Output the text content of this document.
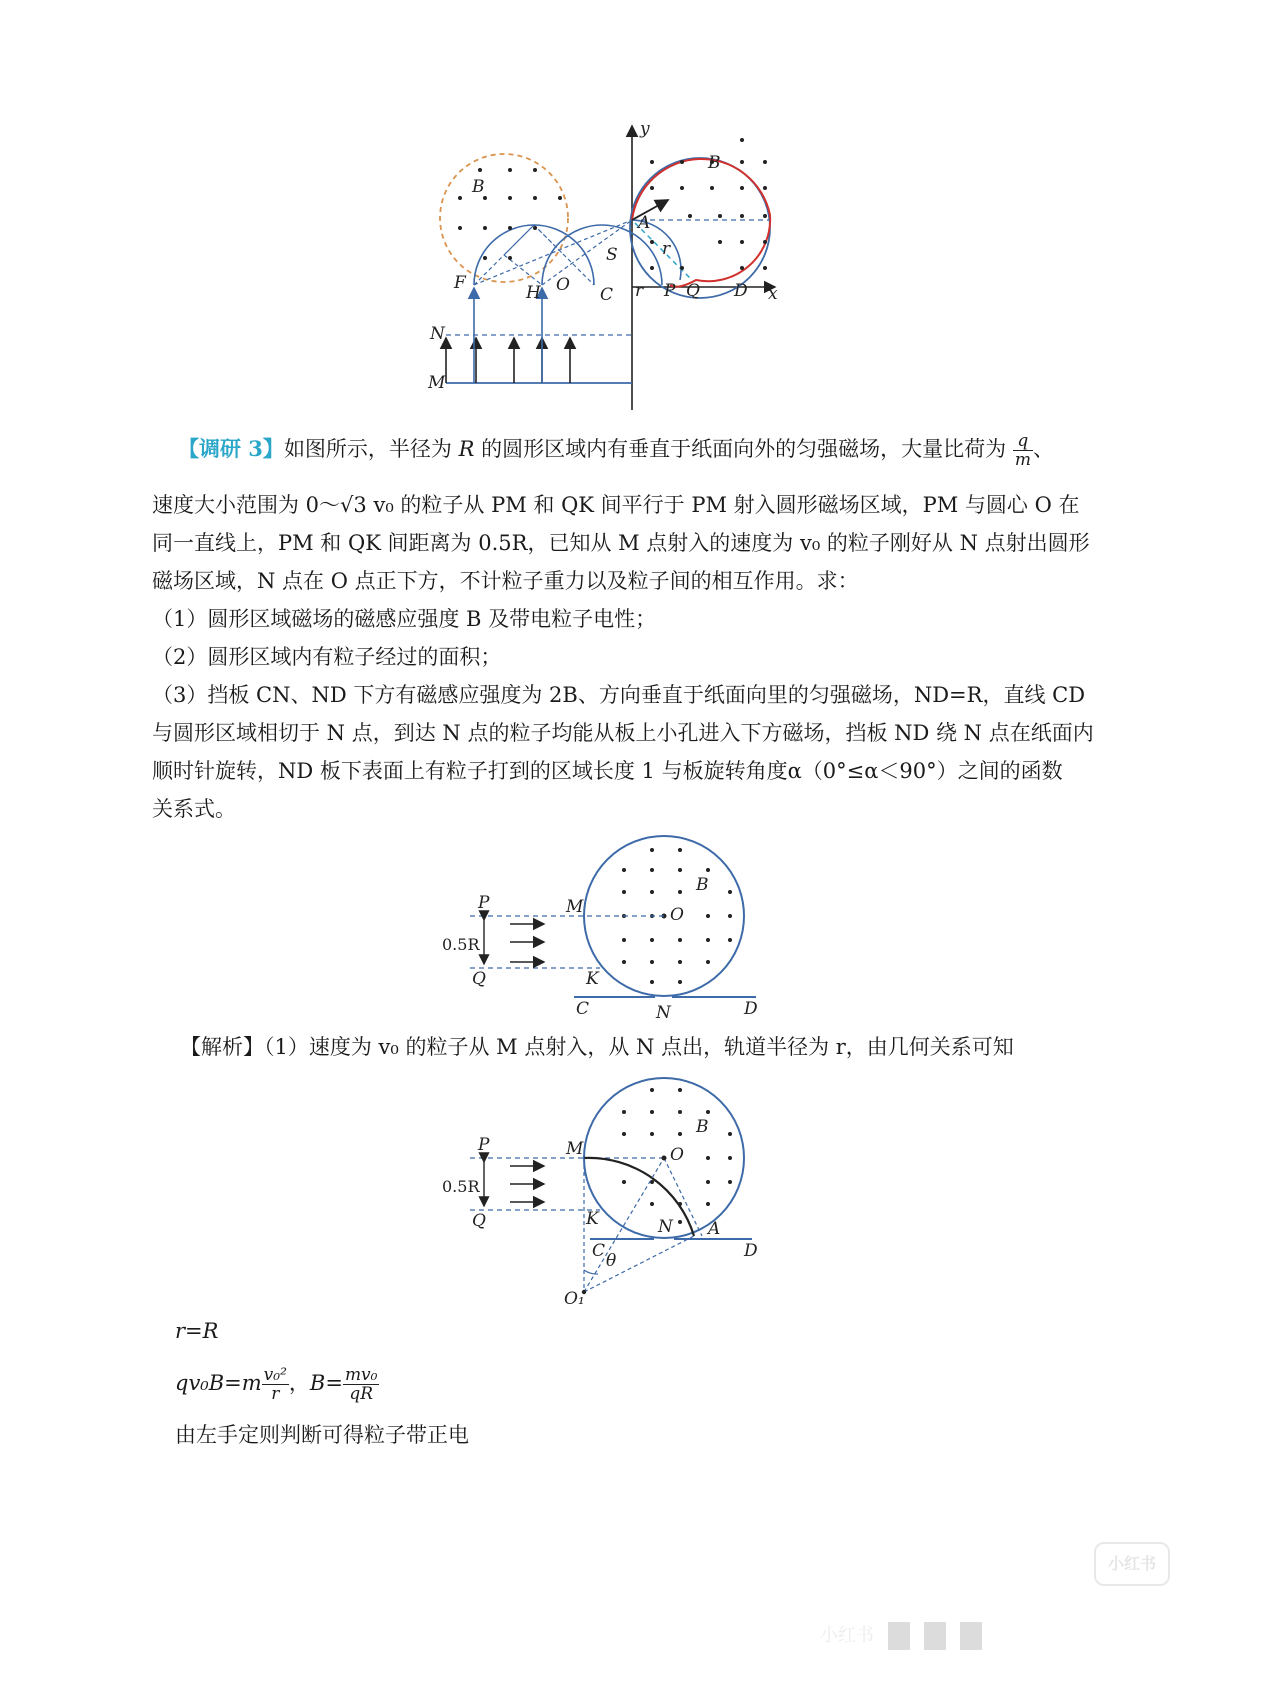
y
x
B
F	H O C r P Q D
N
M
A
S
B
r
【调研 3】如图所示，半径为 R 的圆形区域内有垂直于纸面向外的匀强磁场，大量比荷为 $\frac{q}{m}$ 、
速度大小范围为 0～√3 v₀ 的粒子从 PM 和 QK 间平行于 PM 射入圆形磁场区域，PM 与圆心 O 在
同一直线上，PM 和 QK 间距离为 0.5R，已知从 M 点射入的速度为 v₀ 的粒子刚好从 N 点射出圆形
磁场区域，N 点在 O 点正下方，不计粒子重力以及粒子间的相互作用。求：
（1）圆形区域磁场的磁感应强度 B 及带电粒子电性；
（2）圆形区域内有粒子经过的面积；
（3）挡板 CN、ND 下方有磁感应强度为 2B、方向垂直于纸面向里的匀强磁场，ND=R，直线 CD
与圆形区域相切于 N 点，到达 N 点的粒子均能从板上小孔进入下方磁场，挡板 ND 绕 N 点在纸面内
顺时针旋转，ND 板下表面上有粒子打到的区域长度 1 与板旋转角度α（0°≤α＜90°）之间的函数
关系式。
P	M	O
B
0.5R
Q	K
C	N	D
【解析】（1）速度为 v₀ 的粒子从 M 点射入，从 N 点出，轨道半径为 r，由几何关系可知
P	M	O
B
0.5R
Q	K	N A
C θ	D
O₁
r=R
$qv_0B=m \frac{\text{v₀²}}{r}$ ，$B= \frac{\text{mv₀}}{qR}$
由左手定则判断可得粒子带正电
小红书
小红书
